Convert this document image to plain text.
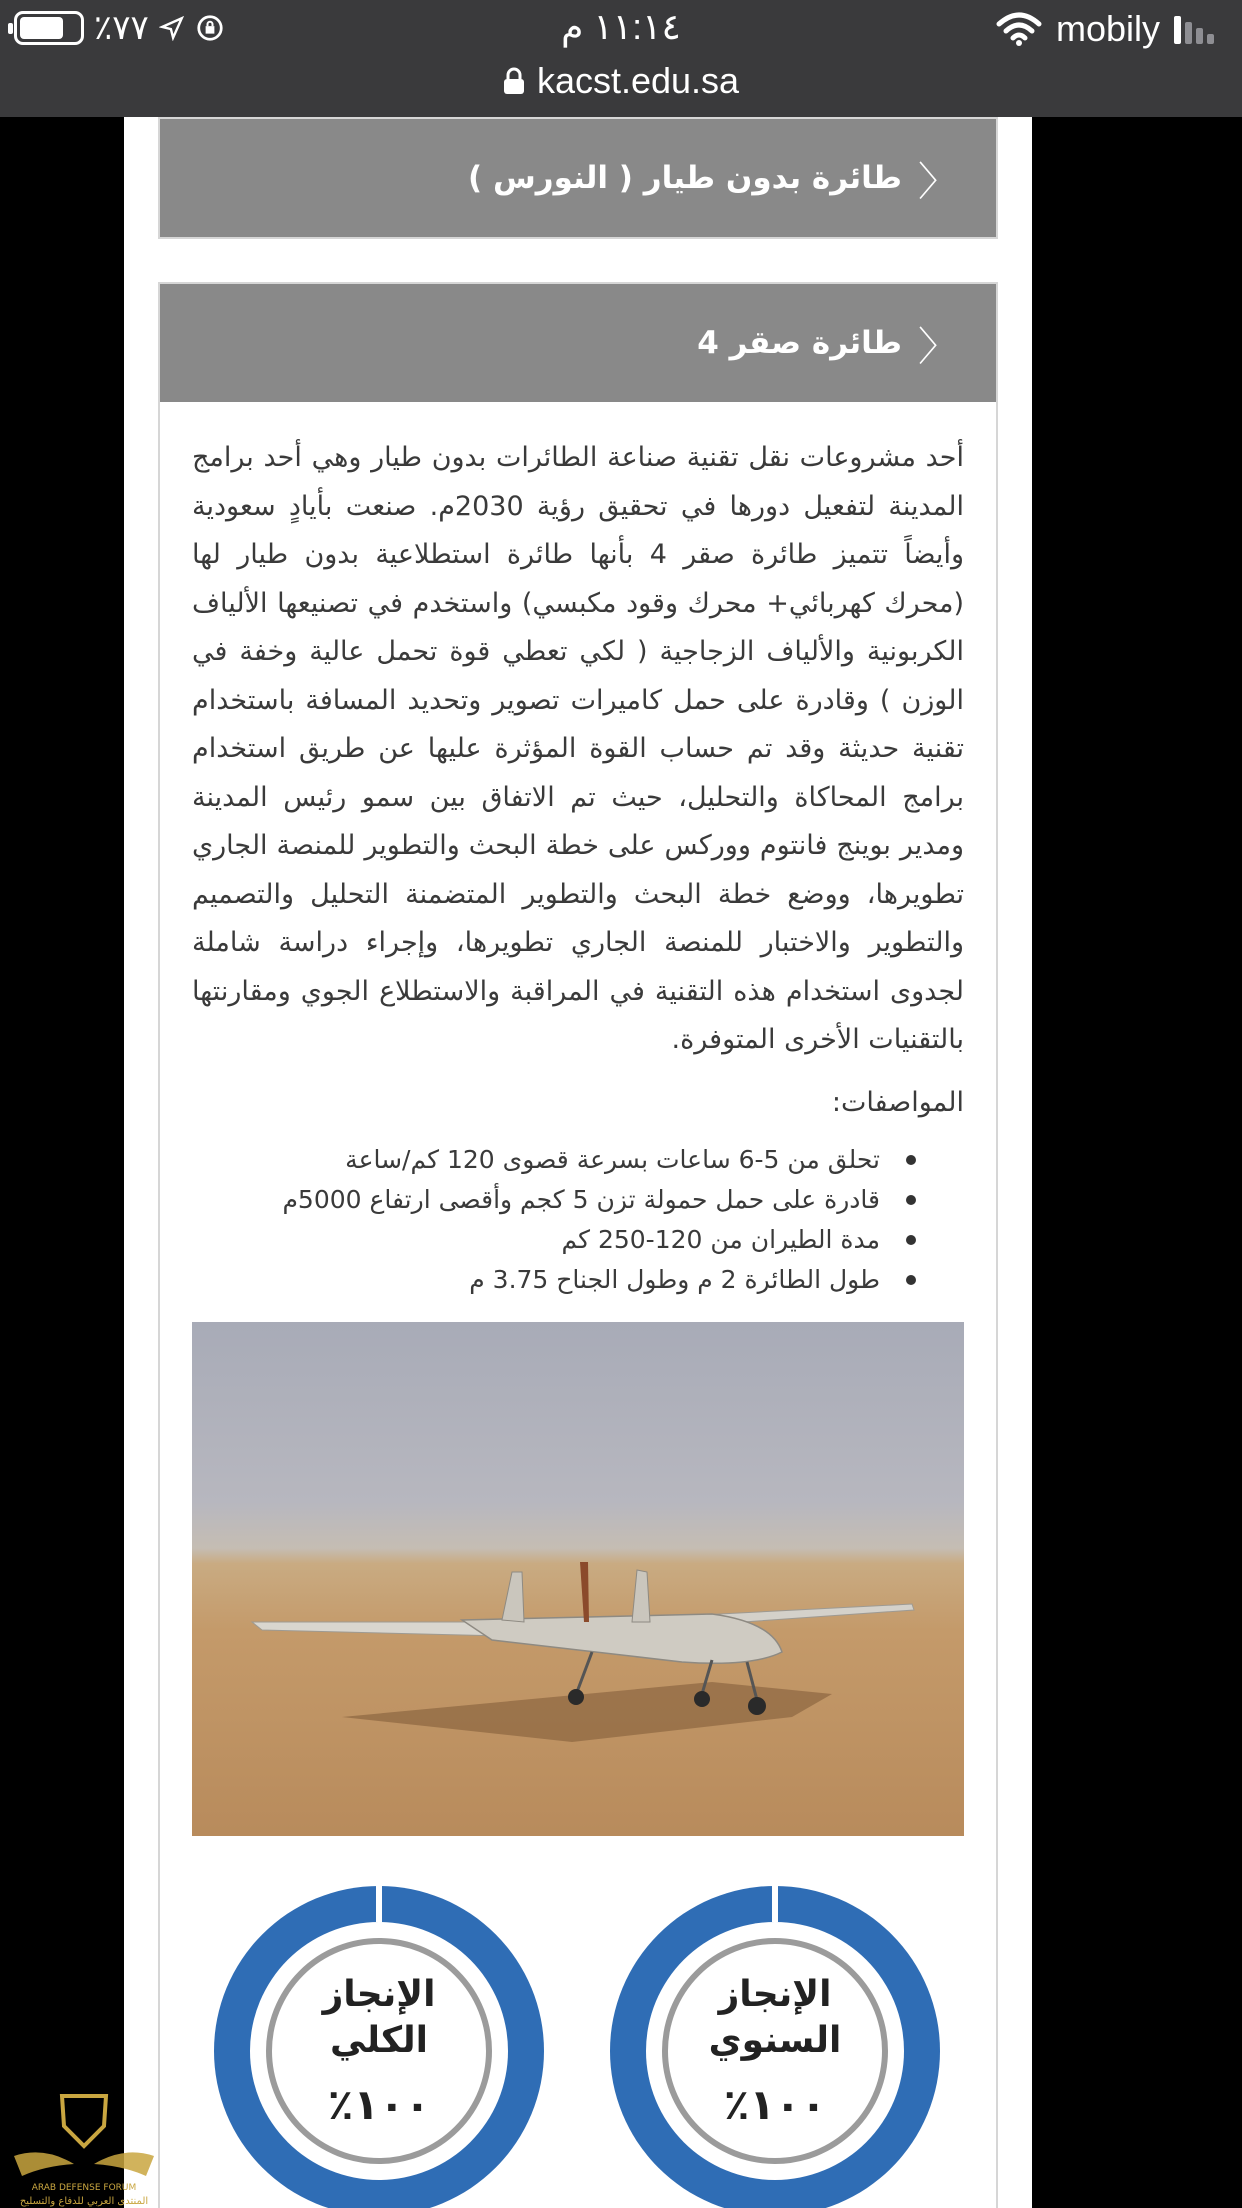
٪٧٧	١١:١٤ م	mobily
kacst.edu.sa
〈
طائرة بدون طيار ( النورس )
〈
طائرة صقر 4

أحد مشروعات نقل تقنية صناعة الطائرات بدون طيار وهي أحد برامج المدينة لتفعيل دورها في تحقيق رؤية 2030م. صنعت بأيادٍ سعودية وأيضاً تتميز طائرة صقر 4 بأنها طائرة استطلاعية بدون طيار لها (محرك كهربائي+ محرك وقود مكبسي) واستخدم في تصنيعها الألياف الكربونية والألياف الزجاجية ( لكي تعطي قوة تحمل عالية وخفة في الوزن ) وقادرة على حمل كاميرات تصوير وتحديد المسافة باستخدام تقنية حديثة وقد تم حساب القوة المؤثرة عليها عن طريق استخدام برامج المحاكاة والتحليل، حيث تم الاتفاق بين سمو رئيس المدينة ومدير بوينج فانتوم ووركس على خطة البحث والتطوير للمنصة الجاري تطويرها، ووضع خطة البحث والتطوير المتضمنة التحليل والتصميم والتطوير والاختبار للمنصة الجاري تطويرها، وإجراء دراسة شاملة لجدوى استخدام هذه التقنية في المراقبة والاستطلاع الجوي ومقارنتها بالتقنيات الأخرى المتوفرة.

المواصفات:
تحلق من 5-6 ساعات بسرعة قصوى 120 كم/ساعة
قادرة على حمل حمولة تزن 5 كجم وأقصى ارتفاع 5000م
مدة الطيران من 120-250 كم
طول الطائرة 2 م وطول الجناح 3.75 م
الإنجاز السنوي
١٠٠٪
الإنجاز الكلي
١٠٠٪
ARAB DEFENSE FORUM
المنتدى العربي للدفاع والتسليح
